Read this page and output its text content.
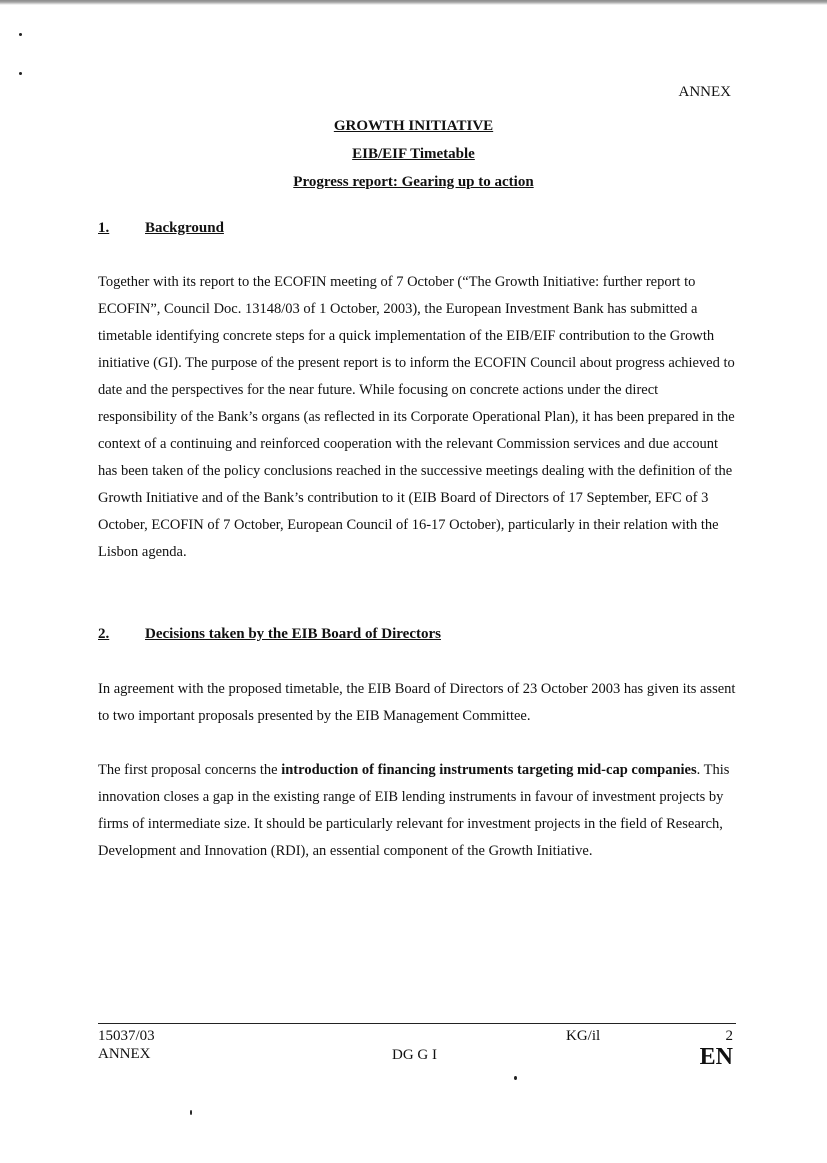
ANNEX
GROWTH INITIATIVE
EIB/EIF Timetable
Progress report: Gearing up to action
1. Background

Together with its report to the ECOFIN meeting of 7 October (“The Growth Initiative: further report to ECOFIN”, Council Doc. 13148/03 of 1 October, 2003), the European Investment Bank has submitted a timetable identifying concrete steps for a quick implementation of the EIB/EIF contribution to the Growth initiative (GI). The purpose of the present report is to inform the ECOFIN Council about progress achieved to date and the perspectives for the near future. While focusing on concrete actions under the direct responsibility of the Bank’s organs (as reflected in its Corporate Operational Plan), it has been prepared in the context of a continuing and reinforced cooperation with the relevant Commission services and due account has been taken of the policy conclusions reached in the successive meetings dealing with the definition of the Growth Initiative and of the Bank’s contribution to it (EIB Board of Directors of 17 September, EFC of 3 October, ECOFIN of 7 October, European Council of 16-17 October), particularly in their relation with the Lisbon agenda.

2. Decisions taken by the EIB Board of Directors

In agreement with the proposed timetable, the EIB Board of Directors of 23 October 2003 has given its assent to two important proposals presented by the EIB Management Committee.

The first proposal concerns the introduction of financing instruments targeting mid-cap companies. This innovation closes a gap in the existing range of EIB lending instruments in favour of investment projects by firms of intermediate size. It should be particularly relevant for investment projects in the field of Research, Development and Innovation (RDI), an essential component of the Growth Initiative.

15037/03
ANNEX	DG G I
KG/il	2
EN
